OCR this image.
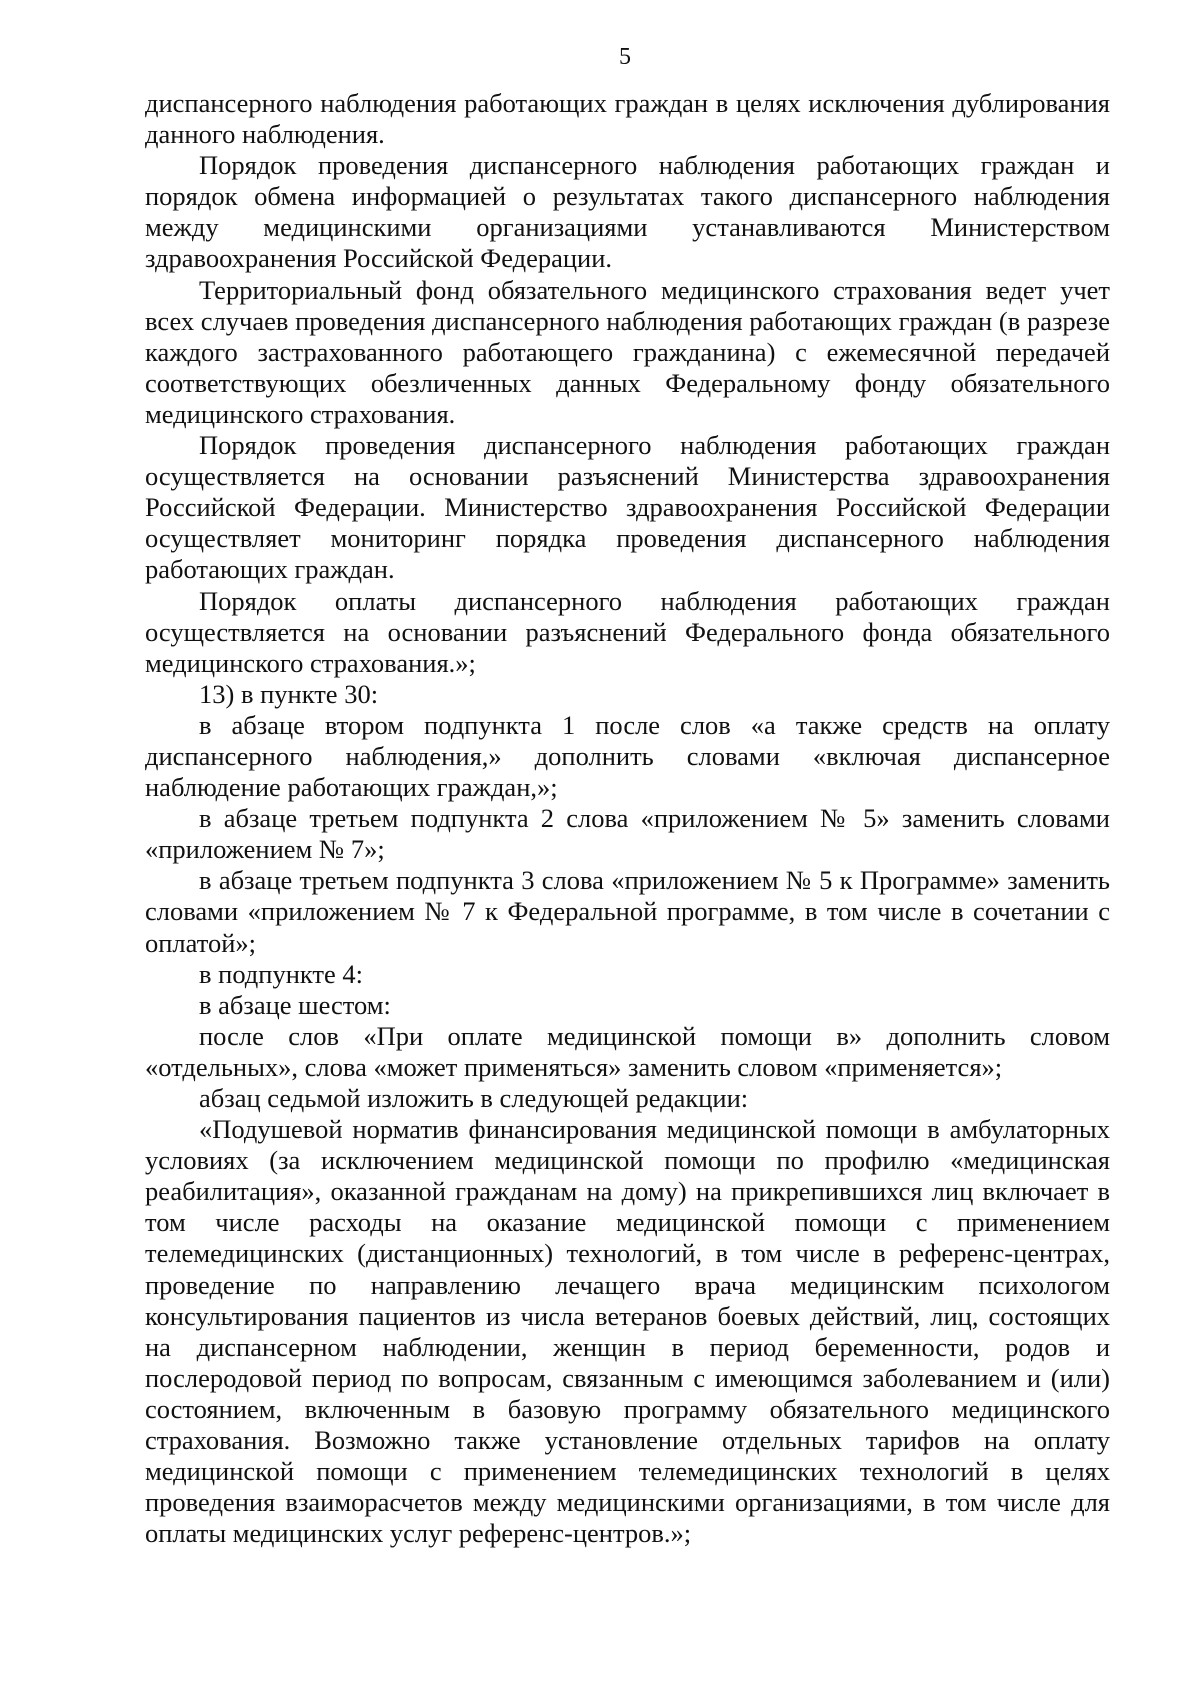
5

диспансерного наблюдения работающих граждан в целях исключения дублирования данного наблюдения.

Порядок проведения диспансерного наблюдения работающих граждан и порядок обмена информацией о результатах такого диспансерного наблюдения между медицинскими организациями устанавливаются Министерством здравоохранения Российской Федерации.

Территориальный фонд обязательного медицинского страхования ведет учет всех случаев проведения диспансерного наблюдения работающих граждан (в разрезе каждого застрахованного работающего гражданина) с ежемесячной передачей соответствующих обезличенных данных Федеральному фонду обязательного медицинского страхования.

Порядок проведения диспансерного наблюдения работающих граждан осуществляется на основании разъяснений Министерства здравоохранения Российской Федерации. Министерство здравоохранения Российской Федерации осуществляет мониторинг порядка проведения диспансерного наблюдения работающих граждан.

Порядок оплаты диспансерного наблюдения работающих граждан осуществляется на основании разъяснений Федерального фонда обязательного медицинского страхования.»;

13) в пункте 30:

в абзаце втором подпункта 1 после слов «а также средств на оплату диспансерного наблюдения,» дополнить словами «включая диспансерное наблюдение работающих граждан,»;

в абзаце третьем подпункта 2 слова «приложением № 5» заменить словами «приложением № 7»;

в абзаце третьем подпункта 3 слова «приложением № 5 к Программе» заменить словами «приложением № 7 к Федеральной программе, в том числе в сочетании с оплатой»;

в подпункте 4:

в абзаце шестом:

после слов «При оплате медицинской помощи в» дополнить словом «отдельных», слова «может применяться» заменить словом «применяется»;

абзац седьмой изложить в следующей редакции:

«Подушевой норматив финансирования медицинской помощи в амбулаторных условиях (за исключением медицинской помощи по профилю «медицинская реабилитация», оказанной гражданам на дому) на прикрепившихся лиц включает в том числе расходы на оказание медицинской помощи с применением телемедицинских (дистанционных) технологий, в том числе в референс-центрах, проведение по направлению лечащего врача медицинским психологом консультирования пациентов из числа ветеранов боевых действий, лиц, состоящих на диспансерном наблюдении, женщин в период беременности, родов и послеродовой период по вопросам, связанным с имеющимся заболеванием и (или) состоянием, включенным в базовую программу обязательного медицинского страхования. Возможно также установление отдельных тарифов на оплату медицинской помощи с применением телемедицинских технологий в целях проведения взаиморасчетов между медицинскими организациями, в том числе для оплаты медицинских услуг референс-центров.»;
